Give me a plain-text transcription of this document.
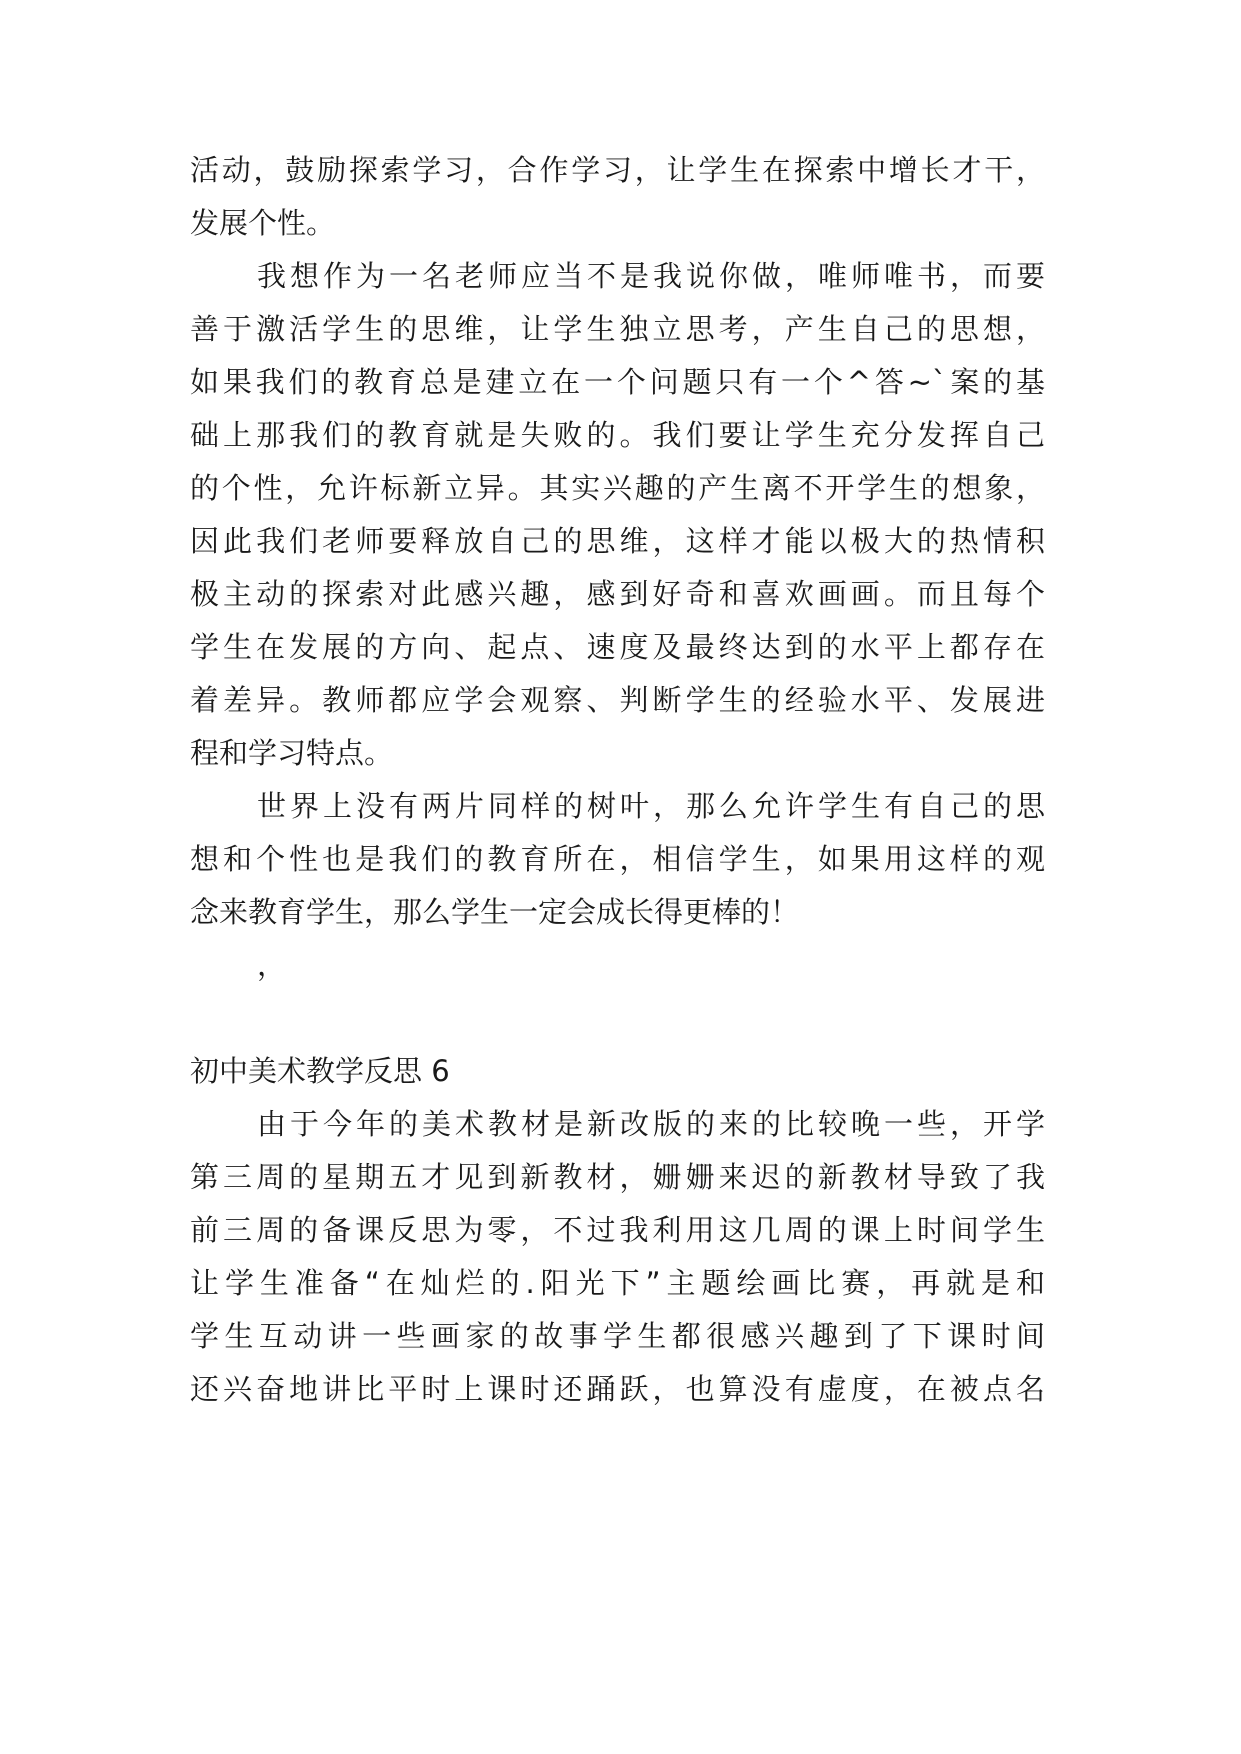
活动，鼓励探索学习，合作学习，让学生在探索中增长才干，
发展个性。
我想作为一名老师应当不是我说你做，唯师唯书，而要
善于激活学生的思维，让学生独立思考，产生自己的思想，
如果我们的教育总是建立在一个问题只有一个^答~`案的基
础上那我们的教育就是失败的。我们要让学生充分发挥自己
的个性，允许标新立异。其实兴趣的产生离不开学生的想象，
因此我们老师要释放自己的思维，这样才能以极大的热情积
极主动的探索对此感兴趣，感到好奇和喜欢画画。而且每个
学生在发展的方向、起点、速度及最终达到的水平上都存在
着差异。教师都应学会观察、判断学生的经验水平、发展进
程和学习特点。
世界上没有两片同样的树叶，那么允许学生有自己的思
想和个性也是我们的教育所在，相信学生，如果用这样的观
念来教育学生，那么学生一定会成长得更棒的！
，
初中美术教学反思 6
由于今年的美术教材是新改版的来的比较晚一些，开学
第三周的星期五才见到新教材，姗姗来迟的新教材导致了我
前三周的备课反思为零，不过我利用这几周的课上时间学生
让学生准备“在灿烂的.阳光下”主题绘画比赛，再就是和
学生互动讲一些画家的故事学生都很感兴趣到了下课时间
还兴奋地讲比平时上课时还踊跃，也算没有虚度，在被点名
